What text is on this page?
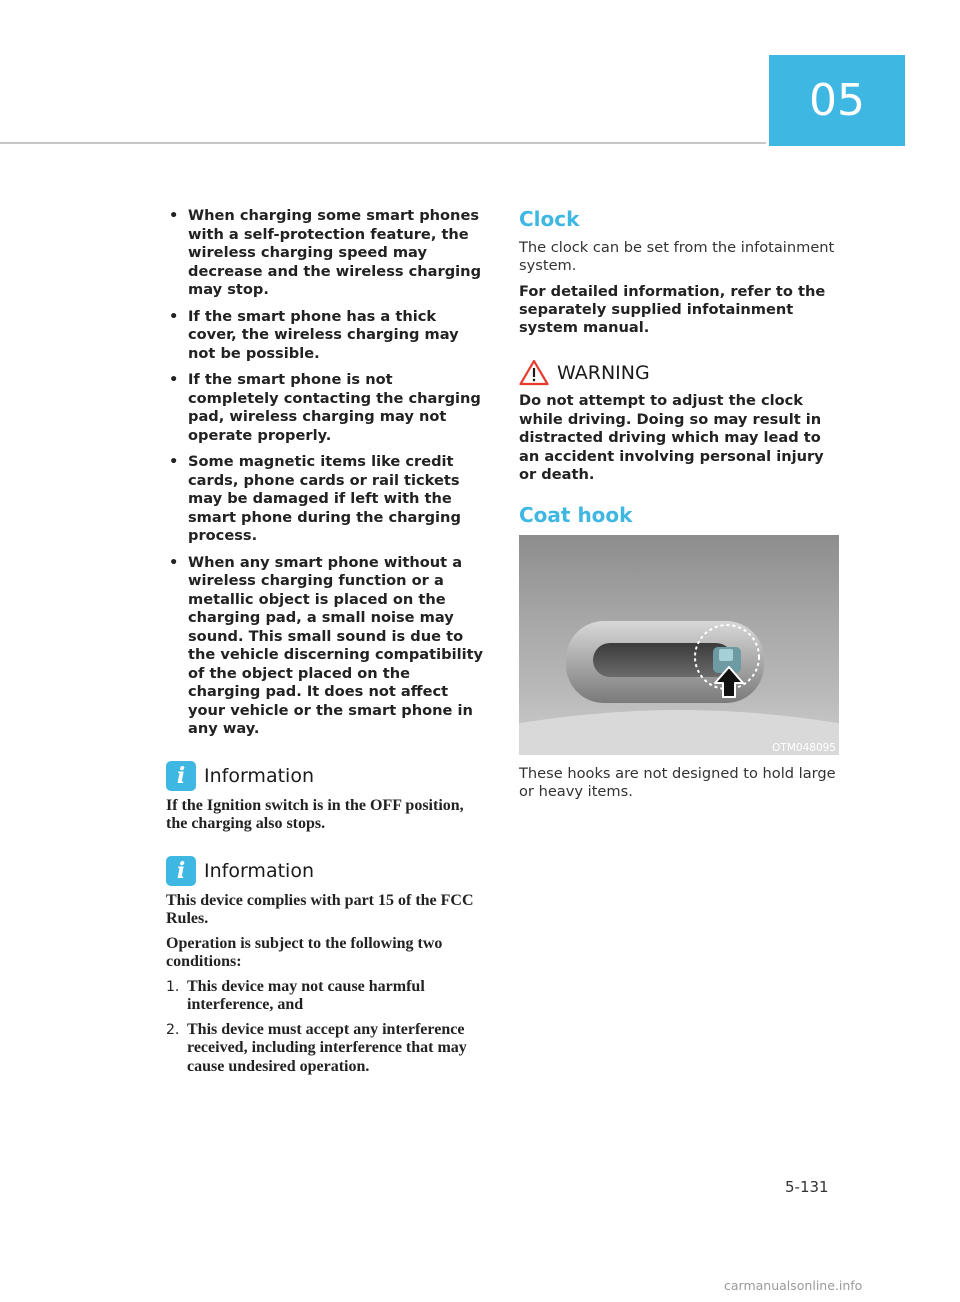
05
• When charging some smart phones with a self-protection feature, the wireless charging speed may decrease and the wireless charging may stop.
• If the smart phone has a thick cover, the wireless charging may not be possible.
• If the smart phone is not completely contacting the charging pad, wireless charging may not operate properly.
• Some magnetic items like credit cards, phone cards or rail tickets may be damaged if left with the smart phone during the charging process.
• When any smart phone without a wireless charging function or a metallic object is placed on the charging pad, a small noise may sound. This small sound is due to the vehicle discerning compatibility of the object placed on the charging pad. It does not affect your vehicle or the smart phone in any way.
i Information

If the Ignition switch is in the OFF position, the charging also stops.

i Information

This device complies with part 15 of the FCC Rules.

Operation is subject to the following two conditions:

1. This device may not cause harmful interference, and
2. This device must accept any interference received, including interference that may cause undesired operation.
Clock

The clock can be set from the infotainment system.

For detailed information, refer to the separately supplied infotainment system manual.

WARNING

Do not attempt to adjust the clock while driving. Doing so may result in distracted driving which may lead to an accident involving personal injury or death.

Coat hook
OTM048095

These hooks are not designed to hold large or heavy items.

5-131
carmanualsonline.info
